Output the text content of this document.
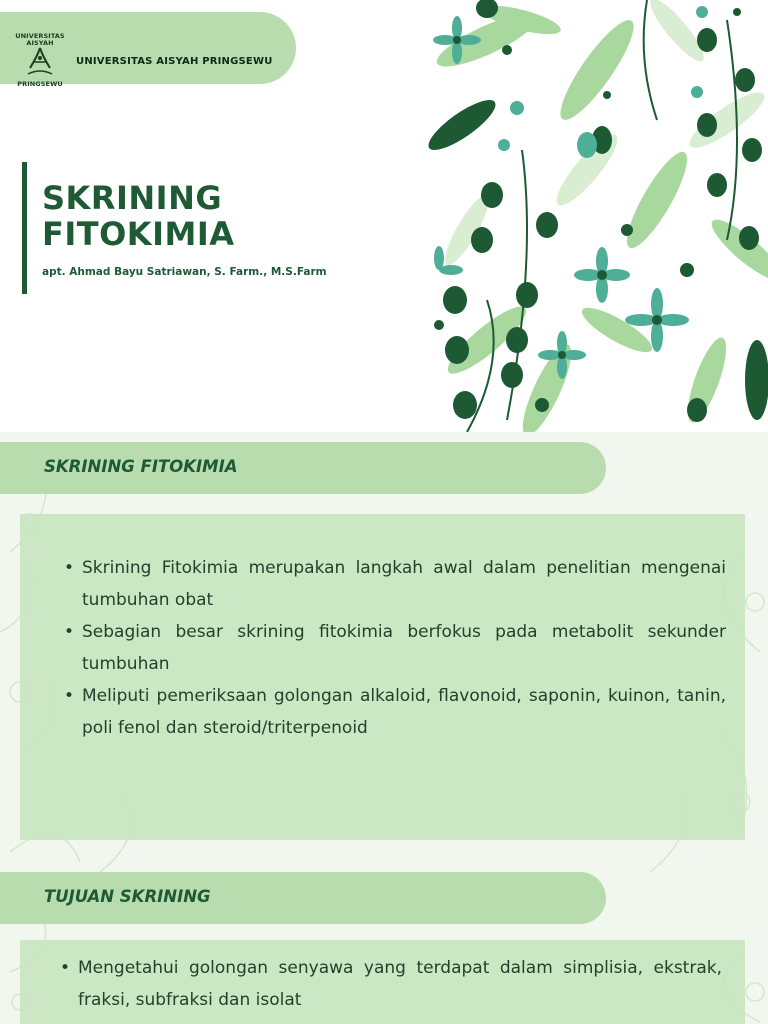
UNIVERSITAS
AISYAH
PRINGSEWU
UNIVERSITAS AISYAH PRINGSEWU
SKRINING
FITOKIMIA
apt. Ahmad Bayu Satriawan, S. Farm., M.S.Farm
SKRINING FITOKIMIA
• Skrining Fitokimia merupakan langkah awal dalam penelitian mengenai tumbuhan obat
• Sebagian besar skrining fitokimia berfokus pada metabolit sekunder tumbuhan
• Meliputi pemeriksaan golongan alkaloid, flavonoid, saponin, kuinon, tanin, poli fenol dan steroid/triterpenoid
TUJUAN SKRINING
• Mengetahui golongan senyawa yang terdapat dalam simplisia, ekstrak, fraksi, subfraksi dan isolat
